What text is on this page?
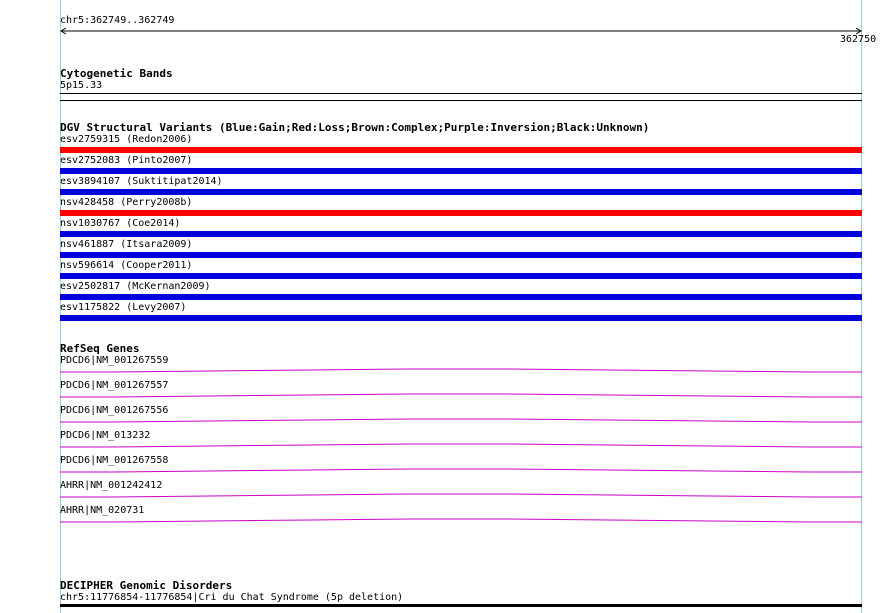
chr5:362749..362749
362750
Cytogenetic Bands
5p15.33
DGV Structural Variants (Blue:Gain;Red:Loss;Brown:Complex;Purple:Inversion;Black:Unknown)
esv2759315 (Redon2006)
esv2752083 (Pinto2007)
esv3894107 (Suktitipat2014)
nsv428458 (Perry2008b)
nsv1030767 (Coe2014)
nsv461887 (Itsara2009)
nsv596614 (Cooper2011)
esv2502817 (McKernan2009)
esv1175822 (Levy2007)
RefSeq Genes
PDCD6|NM_001267559
PDCD6|NM_001267557
PDCD6|NM_001267556
PDCD6|NM_013232
PDCD6|NM_001267558
AHRR|NM_001242412
AHRR|NM_020731
DECIPHER Genomic Disorders
chr5:11776854-11776854|Cri du Chat Syndrome (5p deletion)
